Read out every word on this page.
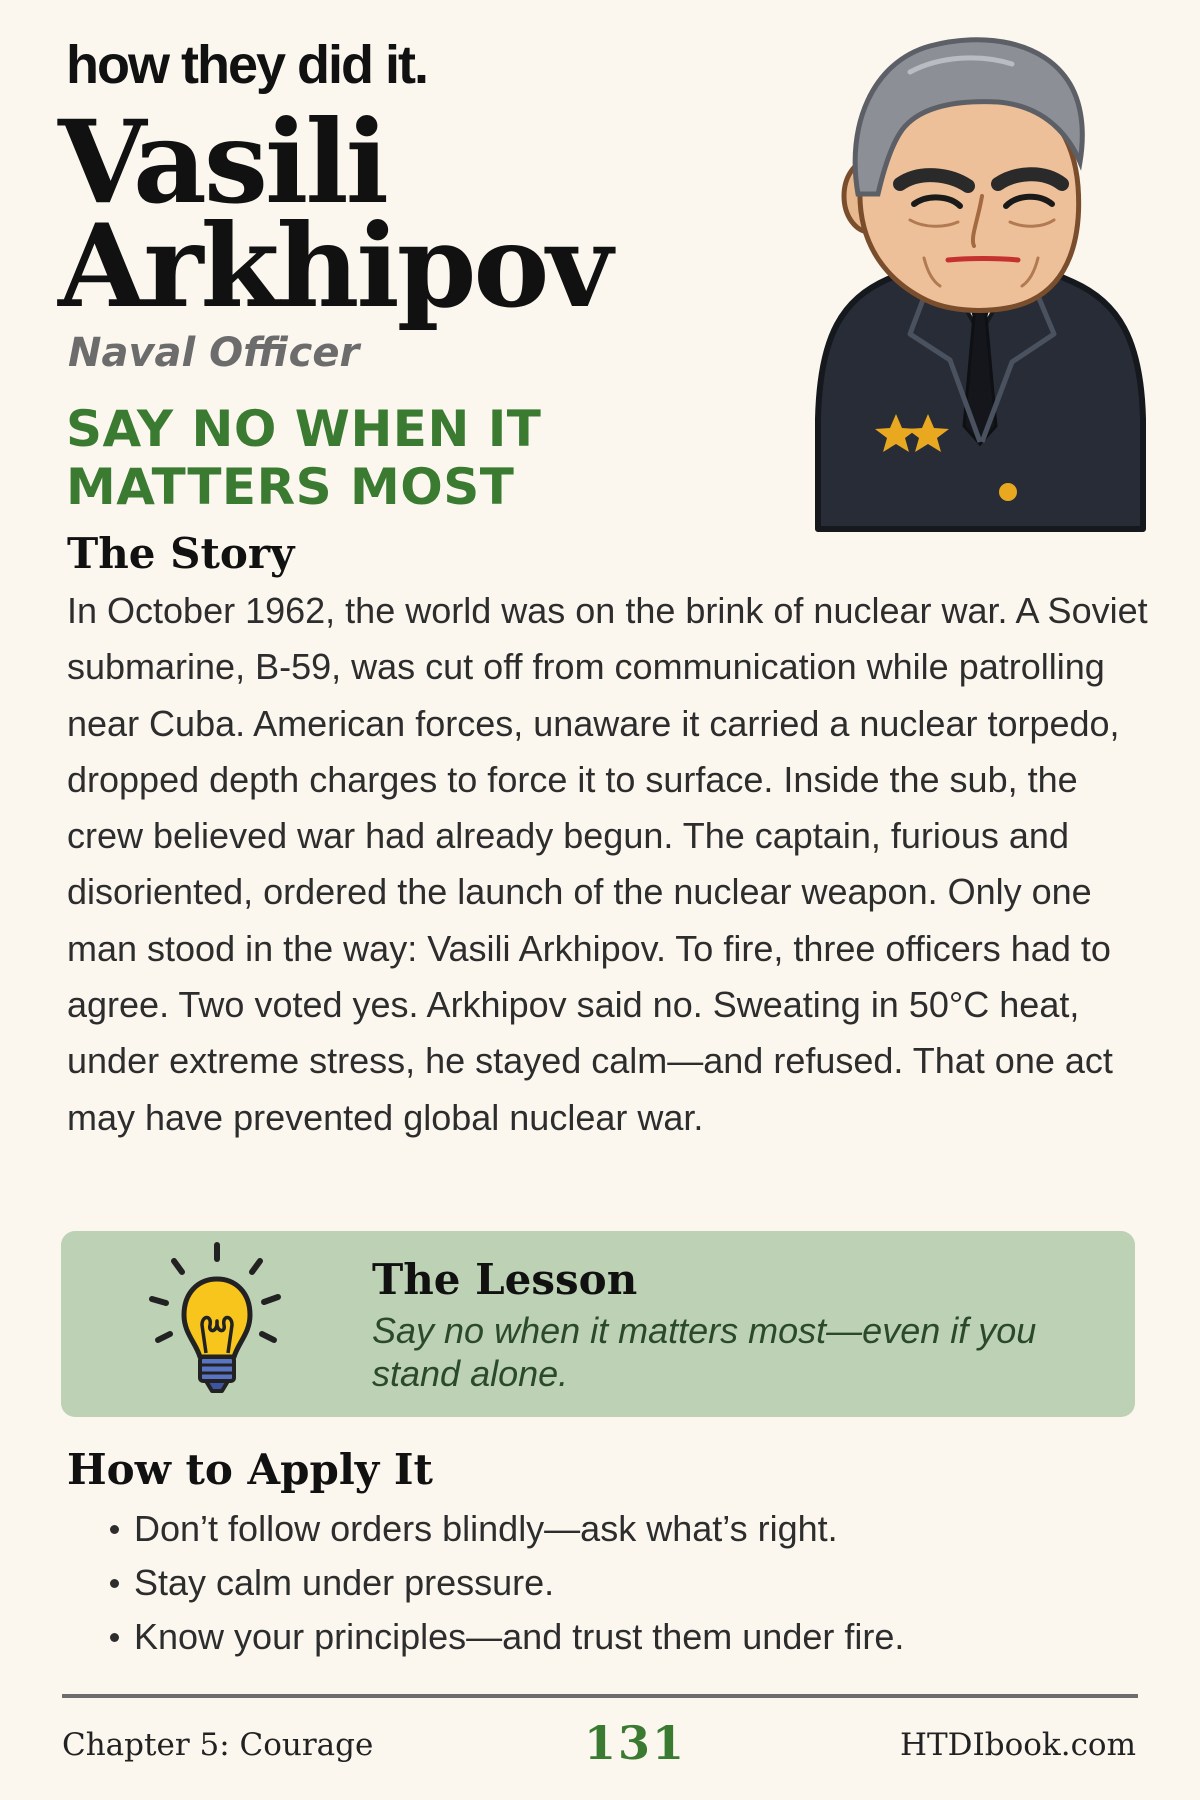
how they did it.
Vasili
Arkhipov
Naval Officer
SAY NO WHEN IT
MATTERS MOST
The Story

In October 1962, the world was on the brink of nuclear war. A Soviet submarine, B-59, was cut off from communication while patrolling near Cuba. American forces, unaware it carried a nuclear torpedo, dropped depth charges to force it to surface. Inside the sub, the crew believed war had already begun. The captain, furious and disoriented, ordered the launch of the nuclear weapon. Only one man stood in the way: Vasili Arkhipov. To fire, three officers had to agree. Two voted yes. Arkhipov said no. Sweating in 50°C heat, under extreme stress, he stayed calm—and refused. That one act may have prevented global nuclear war.

The Lesson
Say no when it matters most—even if you stand alone.
How to Apply It
Don’t follow orders blindly—ask what’s right.
Stay calm under pressure.
Know your principles—and trust them under fire.
Chapter 5: Courage	131	HTDIbook.com
